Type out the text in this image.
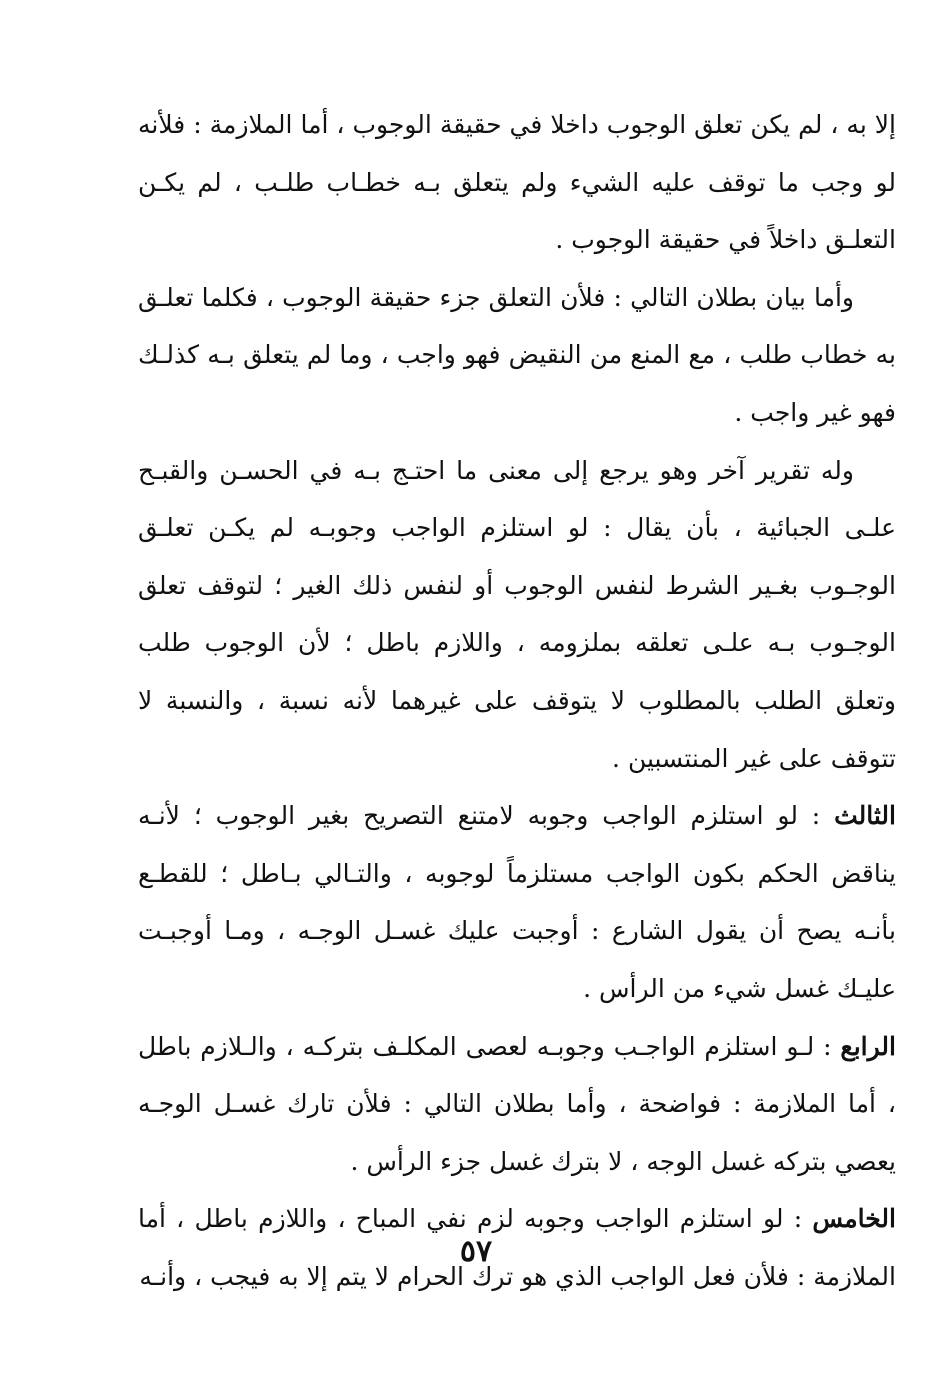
إلا به ، لم يكن تعلق الوجوب داخلا في حقيقة الوجوب ، أما الملازمة : فلأنه لو وجب ما توقف عليه الشيء ولم يتعلق بـه خطـاب طلـب ، لم يكـن التعلـق داخلاً في حقيقة الوجوب .

وأما بيان بطلان التالي : فلأن التعلق جزء حقيقة الوجوب ، فكلما تعلـق به خطاب طلب ، مع المنع من النقيض فهو واجب ، وما لم يتعلق بـه كذلـك فهو غير واجب .

وله تقرير آخر وهو يرجع إلى معنى ما احتـج بـه في الحسـن والقبـح علـى الجبائية ، بأن يقال : لو استلزم الواجب وجوبـه لم يكـن تعلـق الوجـوب بغـير الشرط لنفس الوجوب أو لنفس ذلك الغير ؛ لتوقف تعلق الوجـوب بـه علـى تعلقه بملزومه ، واللازم باطل ؛ لأن الوجوب طلب وتعلق الطلب بالمطلوب لا يتوقف على غيرهما لأنه نسبة ، والنسبة لا تتوقف على غير المنتسبين .

الثالث : لو استلزم الواجب وجوبه لامتنع التصريح بغير الوجوب ؛ لأنـه يناقض الحكم بكون الواجب مستلزماً لوجوبه ، والتـالي بـاطل ؛ للقطـع بأنـه يصح أن يقول الشارع : أوجبت عليك غسـل الوجـه ، ومـا أوجبـت عليـك غسل شيء من الرأس .

الرابع : لـو استلزم الواجـب وجوبـه لعصى المكلـف بتركـه ، والـلازم باطل ، أما الملازمة : فواضحة ، وأما بطلان التالي : فلأن تارك غسـل الوجـه يعصي بتركه غسل الوجه ، لا بترك غسل جزء الرأس .

الخامس : لو استلزم الواجب وجوبه لزم نفي المباح ، واللازم باطل ، أما الملازمة : فلأن فعل الواجب الذي هو ترك الحرام لا يتم إلا به فيجب ، وأنـه

٥٧
